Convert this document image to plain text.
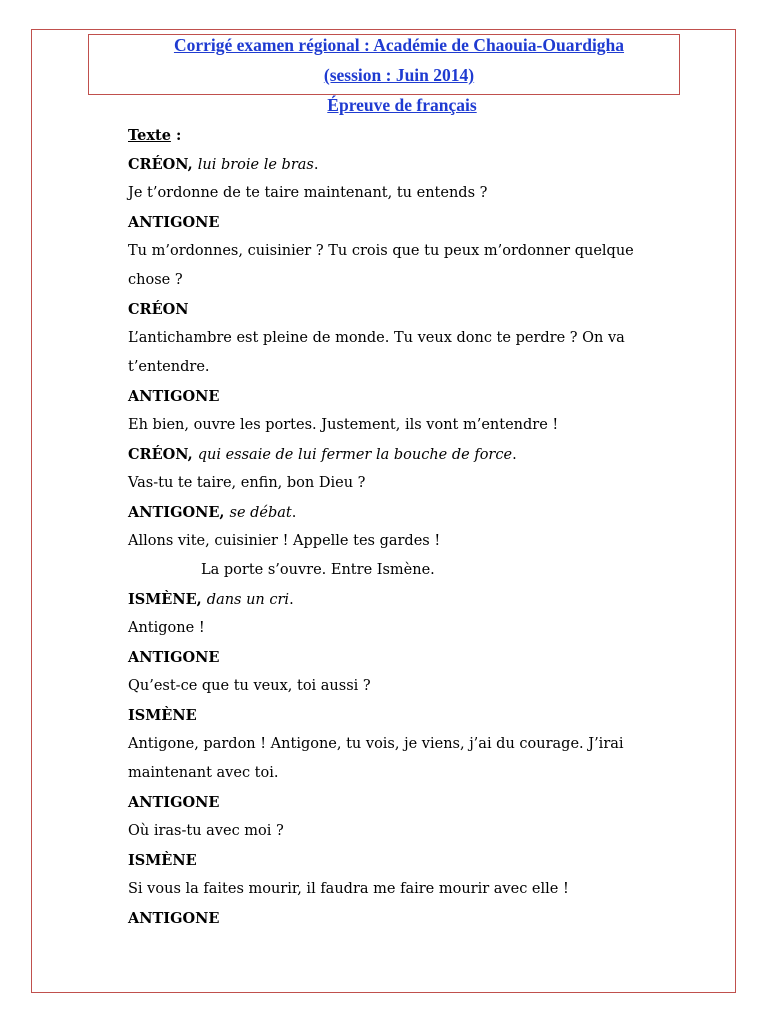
Corrigé examen régional : Académie de Chaouia-Ouardigha
(session : Juin 2014)
Épreuve de français
Texte :
CRÉON, lui broie le bras.
Je t’ordonne de te taire maintenant, tu entends ?
ANTIGONE
Tu m’ordonnes, cuisinier ? Tu crois que tu peux m’ordonner quelque
chose ?
CRÉON
L’antichambre est pleine de monde. Tu veux donc te perdre ? On va
t’entendre.
ANTIGONE
Eh bien, ouvre les portes. Justement, ils vont m’entendre !
CRÉON, qui essaie de lui fermer la bouche de force.
Vas-tu te taire, enfin, bon Dieu ?
ANTIGONE, se débat.
Allons vite, cuisinier ! Appelle tes gardes !
La porte s’ouvre. Entre Ismène.
ISMÈNE, dans un cri.
Antigone !
ANTIGONE
Qu’est-ce que tu veux, toi aussi ?
ISMÈNE
Antigone, pardon ! Antigone, tu vois, je viens, j’ai du courage. J’irai
maintenant avec toi.
ANTIGONE
Où iras-tu avec moi ?
ISMÈNE
Si vous la faites mourir, il faudra me faire mourir avec elle !
ANTIGONE
